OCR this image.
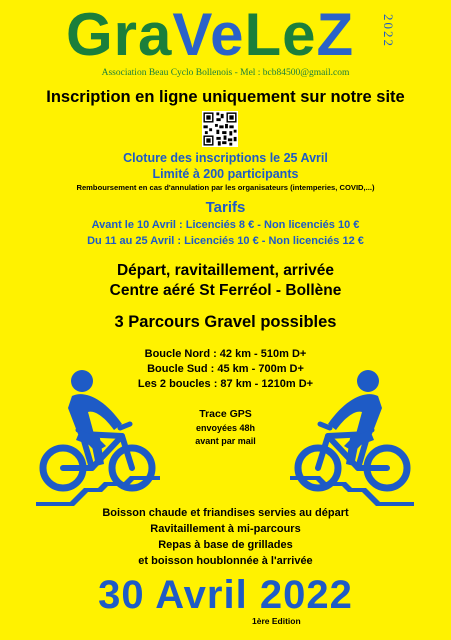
GraVeLeZ	2022
Association Beau Cyclo Bollenois - Mel : bcb84500@gmail.com
Inscription en ligne uniquement sur notre site
Cloture des inscriptions le 25 Avril
Limité à 200 participants
Remboursement en cas d'annulation par les organisateurs (intemperies, COVID,...)
Tarifs
Avant le 10 Avril : Licenciés 8 € - Non licenciés 10 €
Du 11 au 25 Avril : Licenciés 10 € - Non licenciés 12 €
Départ, ravitaillement, arrivée
Centre aéré St Ferréol - Bollène
3 Parcours Gravel possibles
Boucle Nord : 42 km - 510m D+
Boucle Sud : 45 km - 700m D+
Les 2 boucles : 87 km - 1210m D+
Trace GPS
envoyées 48h
avant par mail
Boisson chaude et friandises servies au départ
Ravitaillement à mi-parcours
Repas à base de grillades
et boisson houblonnée à l'arrivée
30 Avril 2022
1ère Edition
